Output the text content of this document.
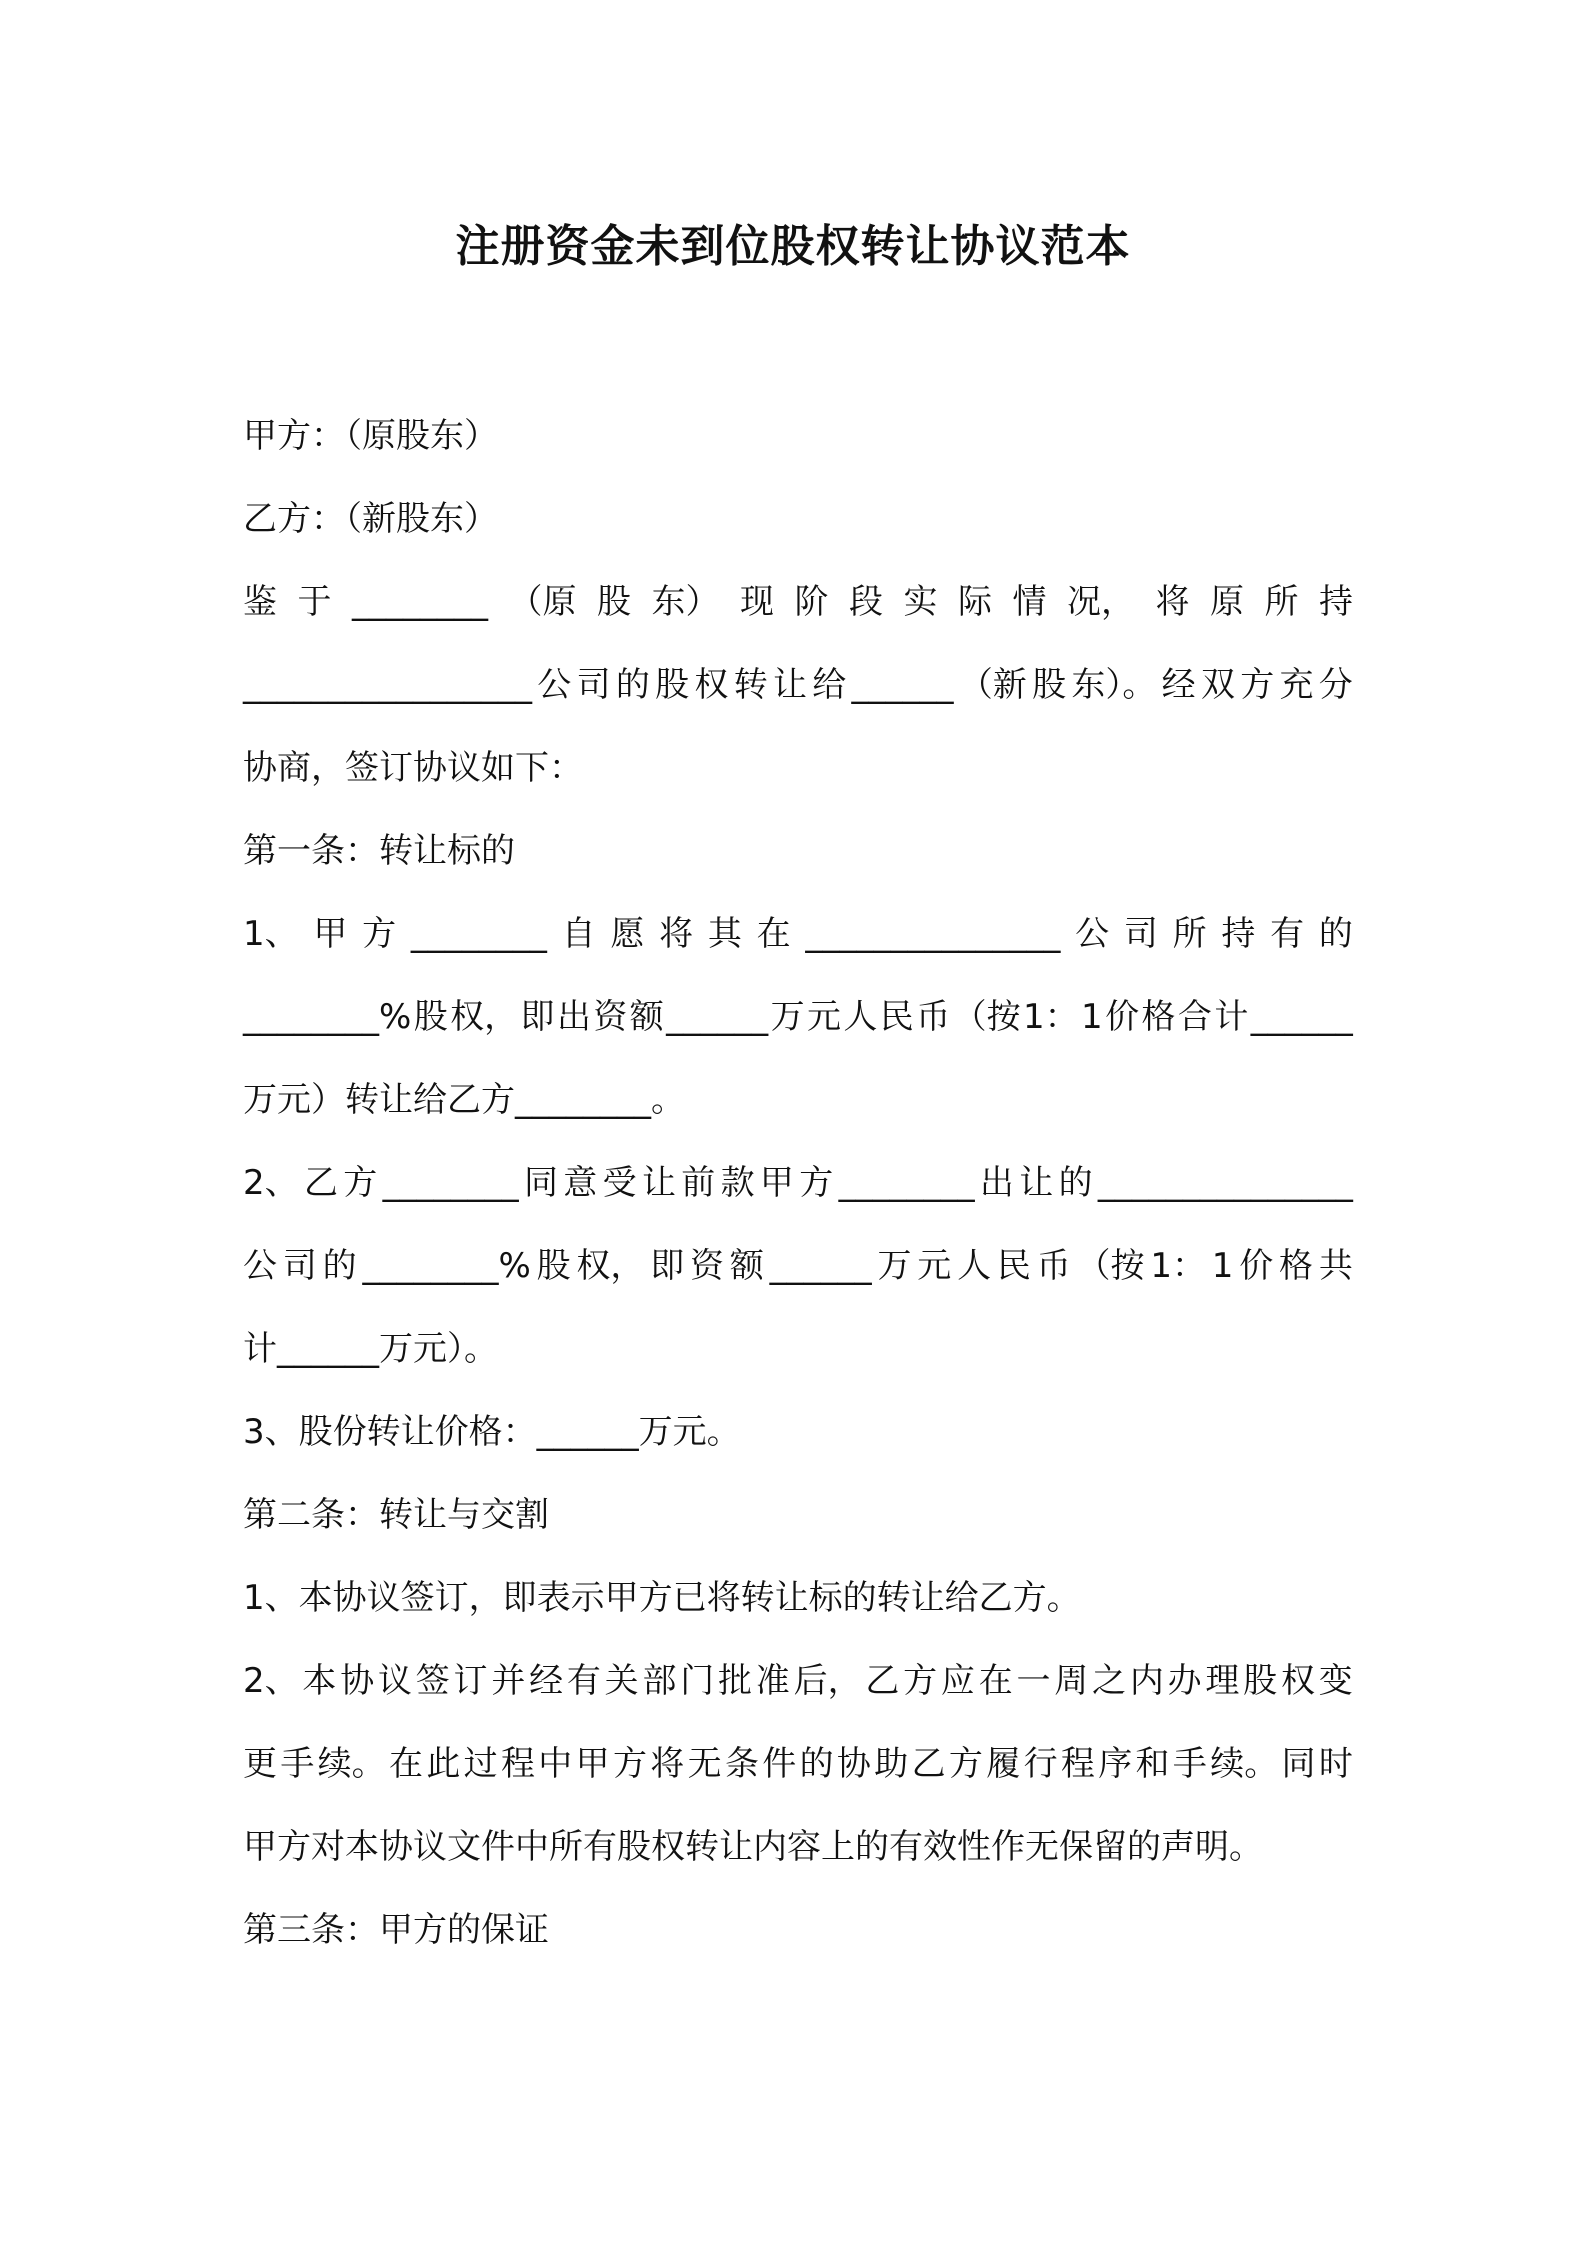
注册资金未到位股权转让协议范本

甲方：（原股东）

乙方：（新股东）

鉴 于 ________ （原 股 东） 现 阶 段 实 际 情 况， 将 原 所 持

_________________ 公 司 的 股 权 转 让 给 ______ （新 股 东）。 经 双 方 充 分

协商，签订协议如下：

第一条：转让标的

1、 甲 方 ________ 自 愿 将 其 在 _______________ 公 司 所 持 有 的

________% 股 权， 即 出 资 额 ______ 万 元 人 民 币 （按 1： 1 价 格 合 计 ______

万元）转让给乙方________。

2、 乙 方 ________ 同 意 受 让 前 款 甲 方 ________ 出 让 的 _______________

公 司 的 ________% 股 权， 即 资 额 ______ 万 元 人 民 币 （按 1： 1 价 格 共

计______万元）。

3、股份转让价格：______万元。

第二条：转让与交割

1、本协议签订，即表示甲方已将转让标的转让给乙方。

2、 本 协 议 签 订 并 经 有 关 部 门 批 准 后， 乙 方 应 在 一 周 之 内 办 理 股 权 变

更 手 续。 在 此 过 程 中 甲 方 将 无 条 件 的 协 助 乙 方 履 行 程 序 和 手 续。 同 时

甲方对本协议文件中所有股权转让内容上的有效性作无保留的声明。

第三条：甲方的保证
